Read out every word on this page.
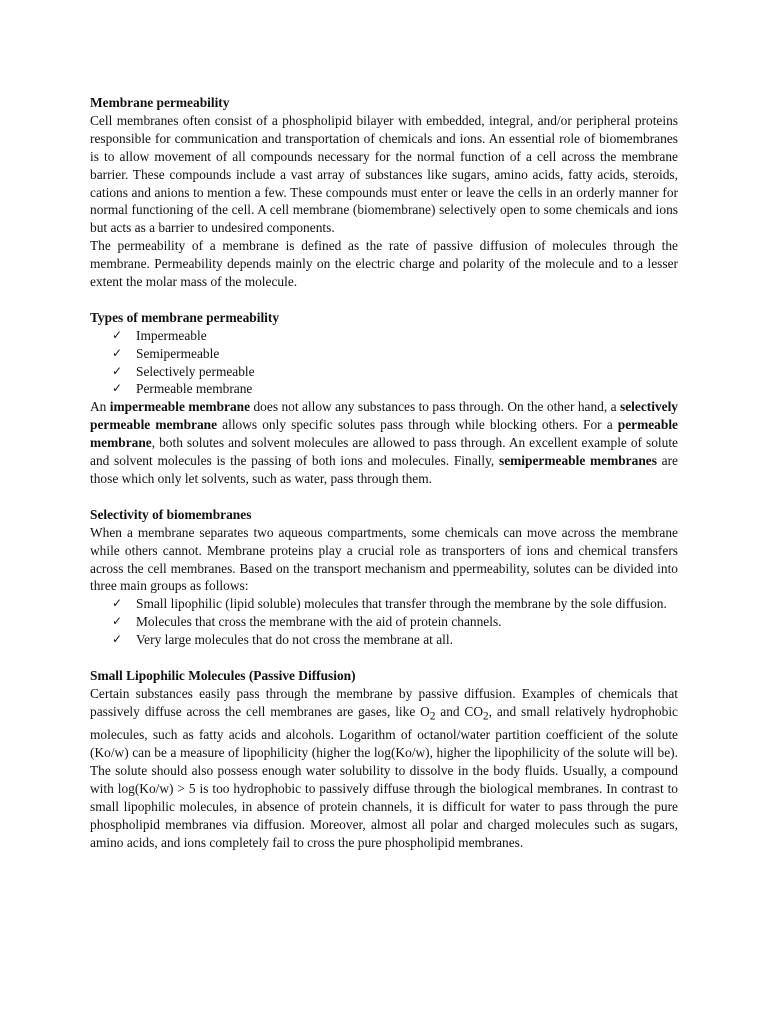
Membrane permeability

Cell membranes often consist of a phospholipid bilayer with embedded, integral, and/or peripheral proteins responsible for communication and transportation of chemicals and ions. An essential role of biomembranes is to allow movement of all compounds necessary for the normal function of a cell across the membrane barrier. These compounds include a vast array of substances like sugars, amino acids, fatty acids, steroids, cations and anions to mention a few. These compounds must enter or leave the cells in an orderly manner for normal functioning of the cell. A cell membrane (biomembrane) selectively open to some chemicals and ions but acts as a barrier to undesired components.

The permeability of a membrane is defined as the rate of passive diffusion of molecules through the membrane. Permeability depends mainly on the electric charge and polarity of the molecule and to a lesser extent the molar mass of the molecule.

Types of membrane permeability

✓ Impermeable
✓ Semipermeable
✓ Selectively permeable
✓ Permeable membrane

An impermeable membrane does not allow any substances to pass through. On the other hand, a selectively permeable membrane allows only specific solutes pass through while blocking others. For a permeable membrane, both solutes and solvent molecules are allowed to pass through. An excellent example of solute and solvent molecules is the passing of both ions and molecules. Finally, semipermeable membranes are those which only let solvents, such as water, pass through them.

Selectivity of biomembranes

When a membrane separates two aqueous compartments, some chemicals can move across the membrane while others cannot. Membrane proteins play a crucial role as transporters of ions and chemical transfers across the cell membranes. Based on the transport mechanism and ppermeability, solutes can be divided into three main groups as follows:

✓ Small lipophilic (lipid soluble) molecules that transfer through the membrane by the sole diffusion.
✓ Molecules that cross the membrane with the aid of protein channels.
✓ Very large molecules that do not cross the membrane at all.

Small Lipophilic Molecules (Passive Diffusion)

Certain substances easily pass through the membrane by passive diffusion. Examples of chemicals that passively diffuse across the cell membranes are gases, like $O_2$ and $CO_2$, and small relatively hydrophobic molecules, such as fatty acids and alcohols. Logarithm of octanol/water partition coefficient of the solute (Ko/w) can be a measure of lipophilicity (higher the log(Ko/w), higher the lipophilicity of the solute will be). The solute should also possess enough water solubility to dissolve in the body fluids. Usually, a compound with log(Ko/w) > 5 is too hydrophobic to passively diffuse through the biological membranes. In contrast to small lipophilic molecules, in absence of protein channels, it is difficult for water to pass through the pure phospholipid membranes via diffusion. Moreover, almost all polar and charged molecules such as sugars, amino acids, and ions completely fail to cross the pure phospholipid membranes.
